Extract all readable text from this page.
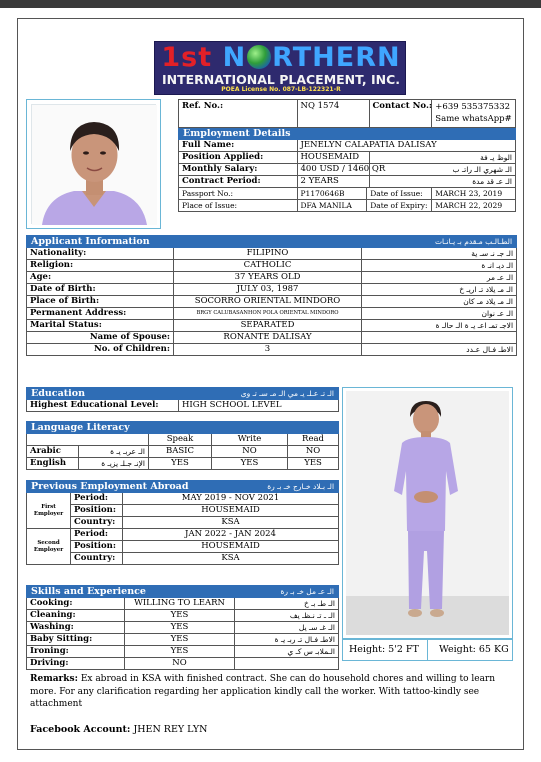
1st N RTHERN
INTERNATIONAL PLACEMENT, INC.
POEA License No. 087-LB-122321-R
Ref. No.:	NQ 1574		Contact No.:	+639 535375332
Same whatsApp#
Employment Details				
Full Name:	JENELYN CALAPATIA DALISAY			
Position Applied:	HOUSEMAID		الوظ يـ فة	
Monthly Salary:	400 USD / 1460 QR		الـ شهري الـ راتـ ب	
Contract Period:	2 YEARS		الـ عـ قد مدة	
Passport No.:	P1170646B	Date of Issue:		MARCH 23, 2019
Place of Issue:	DFA MANILA	Date of Expiry:		MARCH 22, 2029
Applicant Information الطـالـب مـقدم بـ يـانـات		

Nationality:	FILIPINO	الـ جـ نـ سـ ية
Religion:	CATHOLIC	الـ ديـ انـ ة
Age:	37 YEARS OLD	الـ عـ مر
Date of Birth:	JULY 03, 1987	الـ مـ يلاد تـ اريـ خ
Place of Birth:	SOCORRO ORIENTAL MINDORO	الـ مـ يلاد مـ كان
Permanent Address:	BRGY CALUBASANHON POLA ORIENTAL MINDORO	الـ عـ نوان
Marital Status:	SEPARATED	الاجـ تمـ اعـ يـ ة الـ حالـ ة
Name of Spouse:	RONANTE DALISAY	
No. of Children:	3	الاطـ فـال عـدد
Education	الـ تـ عـلـ يـ مي الـ مـ سـ تـ وى

Highest Educational Level:	HIGH SCHOOL LEVEL
Language Literacy				
		Speak	Write	Read
Arabic	الـ عربـ يـ ة	BASIC	NO	NO
English	الإنـ جـلـ يزيـ ة	YES	YES	YES
Previous Employment Abroad الـ بـلاد خـارج خـ بـ رة		

First Employer	Period:	MAY 2019 - NOV 2021
	Position:	HOUSEMAID
	Country:	KSA
Second Employer	Period:	JAN 2022 - JAN 2024
	Position:	HOUSEMAID
	Country:	KSA
Skills and Experience الـ عـ مل خـ بـ رة		

Cooking:	WILLING TO LEARN	الـ طـ بـ خ
Cleaning:	YES	الـ ـ تـ نـظـ يف
Washing:	YES	الـ غـ سـ يل
Baby Sitting:	YES	الاطـ فـال تـ ربـ يـ ة
Ironing:	YES	الـملابـ س كـ ي
Driving:	NO	
Height: 5'2 FT Weight: 65 KG
Remarks: Ex abroad in KSA with finished contract. She can do household chores and willing to learn more. For any clarification regarding her application kindly call the worker. With tattoo-kindly see attachment
Facebook Account: JHEN REY LYN
